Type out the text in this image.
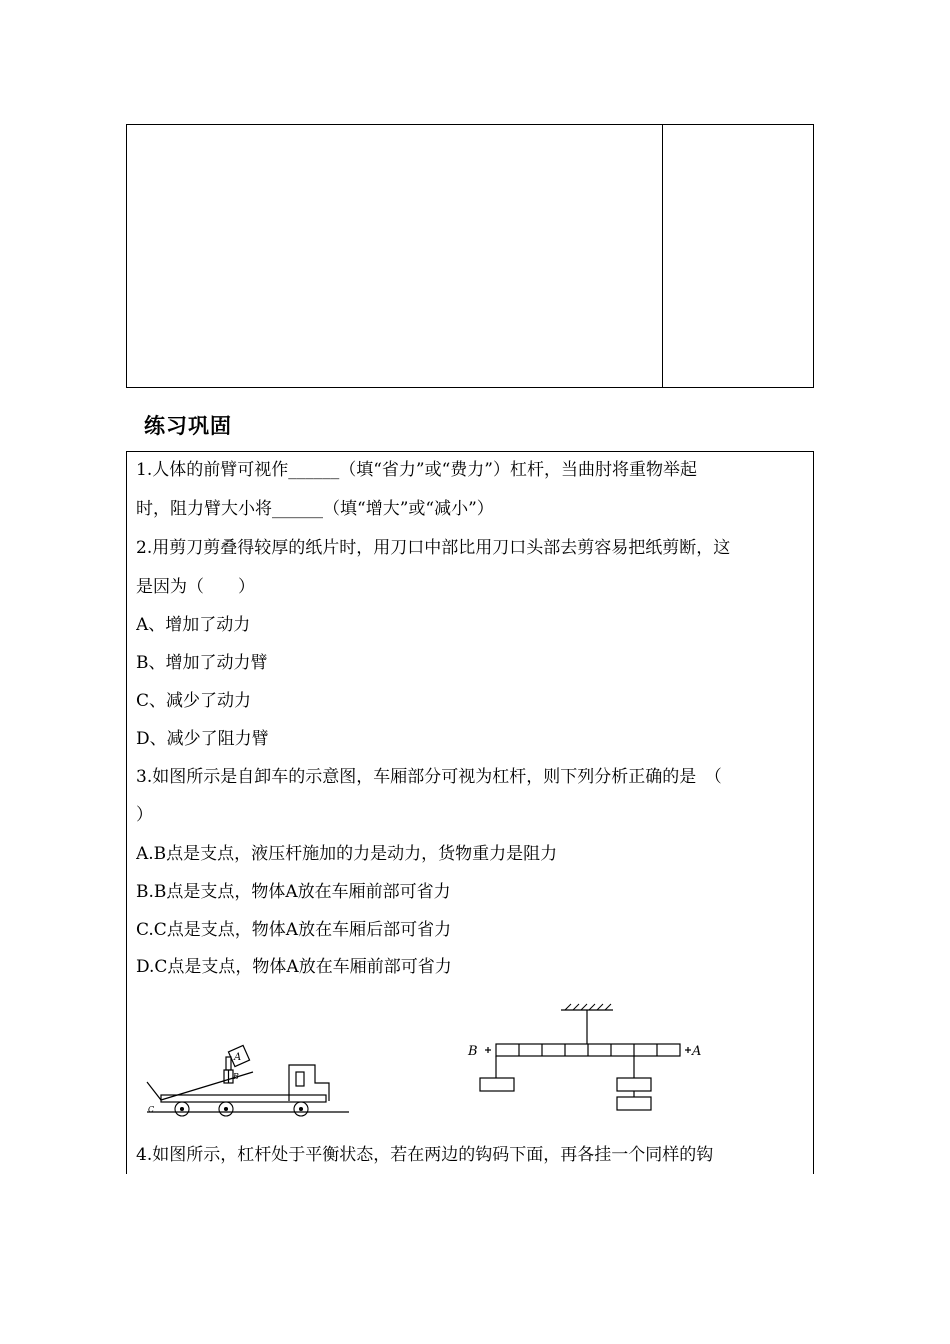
练习巩固
1.人体的前臂可视作______（填“省力”或“费力”）杠杆，当曲肘将重物举起
时，阻力臂大小将______（填“增大”或“减小”）
2.用剪刀剪叠得较厚的纸片时，用刀口中部比用刀口头部去剪容易把纸剪断，这
是因为（　　）
A、增加了动力
B、增加了动力臂
C、减少了动力
D、减少了阻力臂
3.如图所示是自卸车的示意图，车厢部分可视为杠杆，则下列分析正确的是　（
）
A.B点是支点，液压杆施加的力是动力，货物重力是阻力
B.B点是支点，物体A放在车厢前部可省力
C.C点是支点，物体A放在车厢后部可省力
D.C点是支点，物体A放在车厢前部可省力
4.如图所示，杠杆处于平衡状态，若在两边的钩码下面，再各挂一个同样的钩
A
B
C
B	A
